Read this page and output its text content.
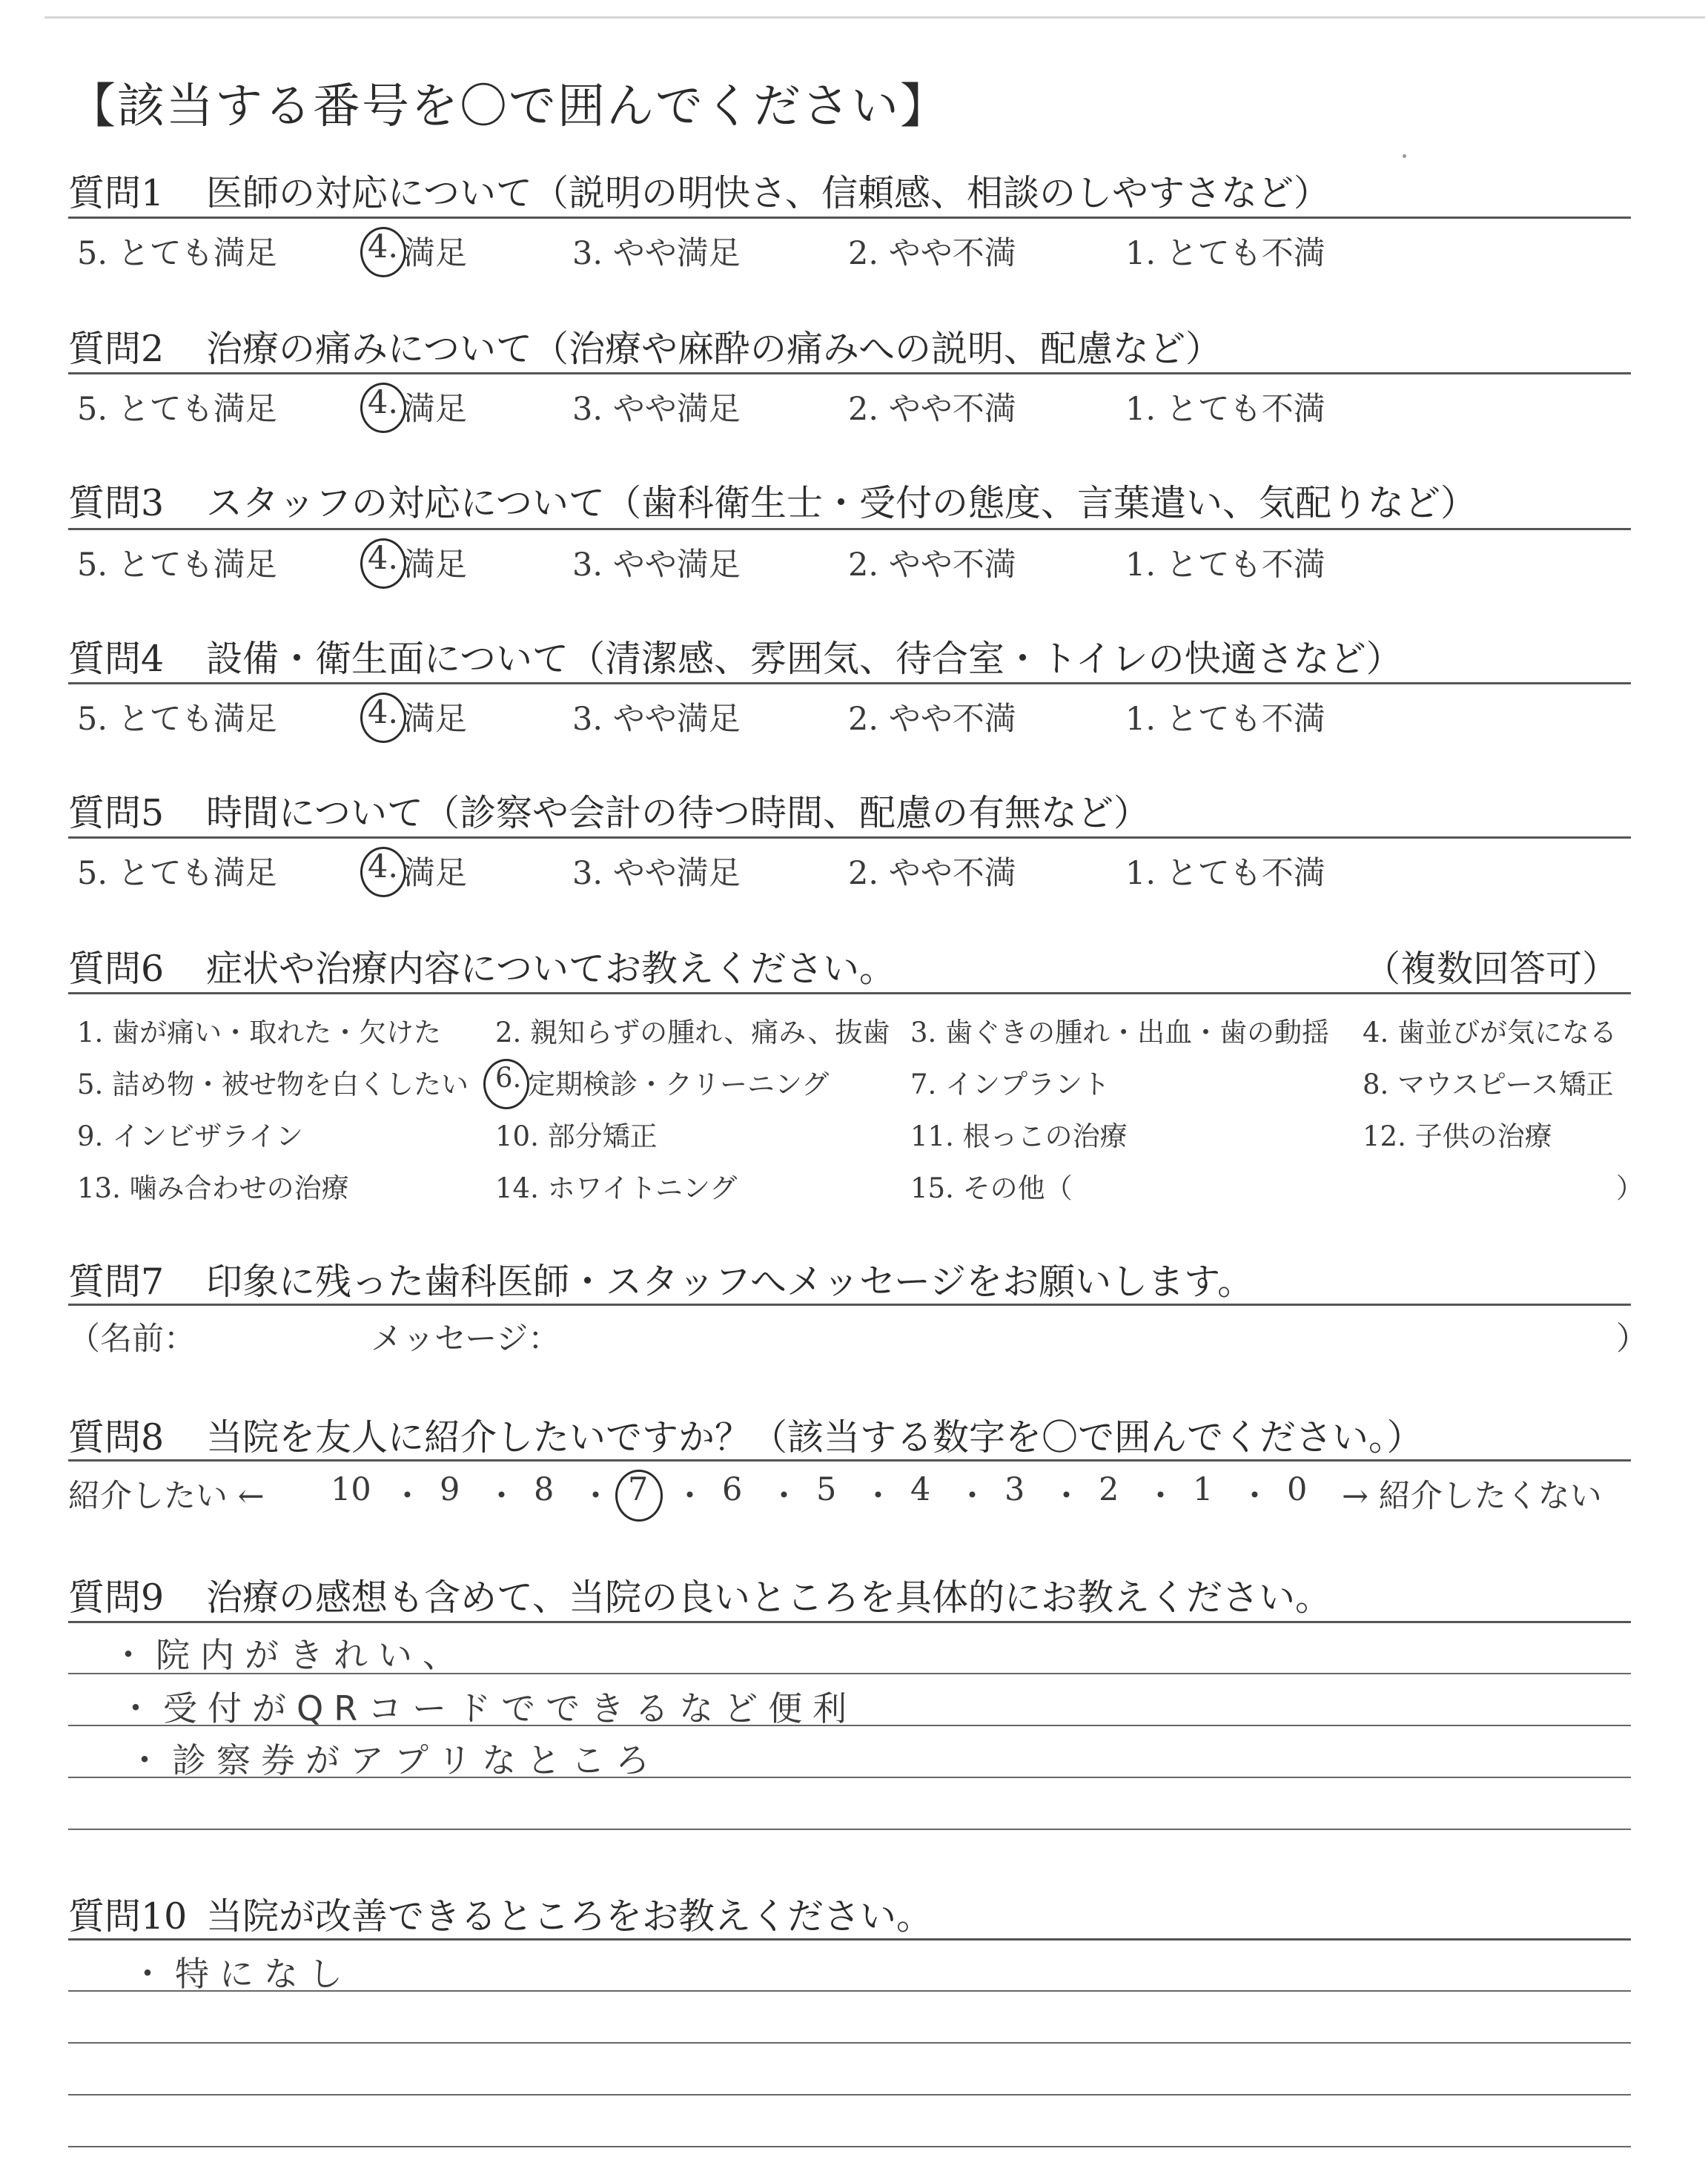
【該当する番号を〇で囲んでください】
質問1 医師の対応について（説明の明快さ、信頼感、相談のしやすさなど）
5. とても満足	4. 満足	3. やや満足	2. やや不満	1. とても不満
質問2 治療の痛みについて（治療や麻酔の痛みへの説明、配慮など）
5. とても満足	4. 満足	3. やや満足	2. やや不満	1. とても不満
質問3 スタッフの対応について（歯科衛生士・受付の態度、言葉遣い、気配りなど）
5. とても満足	4. 満足	3. やや満足	2. やや不満	1. とても不満
質問4 設備・衛生面について（清潔感、雰囲気、待合室・トイレの快適さなど）
5. とても満足	4. 満足	3. やや満足	2. やや不満	1. とても不満
質問5 時間について（診察や会計の待つ時間、配慮の有無など）
5. とても満足	4. 満足	3. やや満足	2. やや不満	1. とても不満
質問6 症状や治療内容についてお教えください。	（複数回答可）
1. 歯が痛い・取れた・欠けた 2. 親知らずの腫れ、痛み、抜歯 3. 歯ぐきの腫れ・出血・歯の動揺 4. 歯並びが気になる
5. 詰め物・被せ物を白くしたい 6. 定期検診・クリーニング	7. インプラント	8. マウスピース矯正
9. インビザライン	10. 部分矯正	11. 根っこの治療	12. 子供の治療
13. 噛み合わせの治療	14. ホワイトニング	15. その他（	）
質問7 印象に残った歯科医師・スタッフへメッセージをお願いします。
（名前：	メッセージ：	）
質問8 当院を友人に紹介したいですか？（該当する数字を〇で囲んでください。）
紹介したい ←	→ 紹介したくない
10 ・ 9 ・ 8 ・ 7 ・ 6 ・ 5 ・ 4 ・ 3 ・ 2 ・ 1 ・ 0
質問9 治療の感想も含めて、当院の良いところを具体的にお教えください。
・院内がきれい、
・受付がQRコードでできるなど便利
・診察券がアプリなところ
質問10 当院が改善できるところをお教えください。
・特になし
